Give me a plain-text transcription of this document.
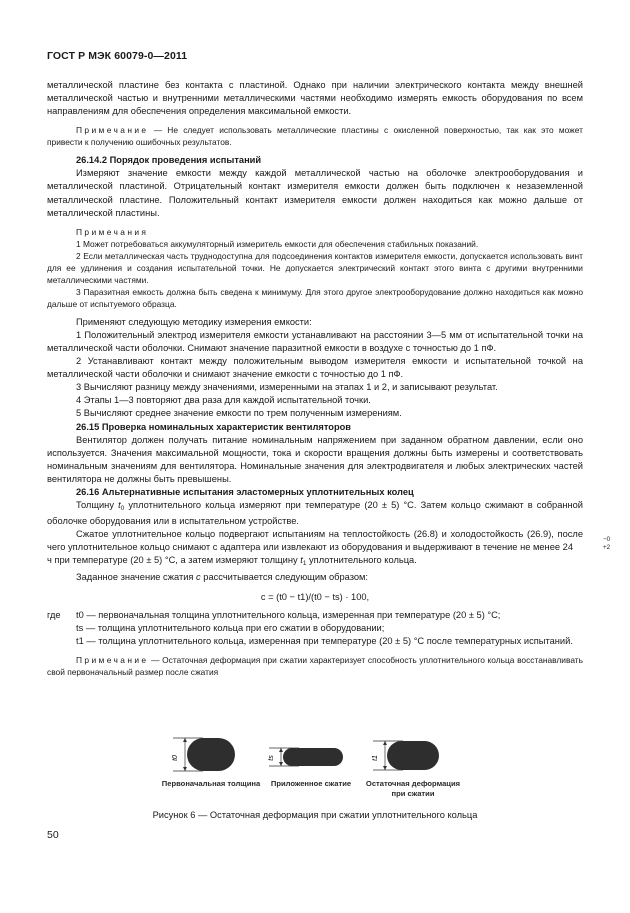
ГОСТ Р МЭК 60079-0—2011

металлической пластине без контакта с пластиной. Однако при наличии электрического контакта между внешней металлической частью и внутренними металлическими частями необходимо измерять емкость оборудования по всем направлениям для обеспечения определения максимальной емкости.

Примечание — Не следует использовать металлические пластины с окисленной поверхностью, так как это может привести к получению ошибочных результатов.

26.14.2 Порядок проведения испытаний

Измеряют значение емкости между каждой металлической частью на оболочке электрооборудования и металлической пластиной. Отрицательный контакт измерителя емкости должен быть подключен к незаземленной металлической пластине. Положительный контакт измерителя емкости должен находиться как можно дальше от металлической пластины.

Примечания

1 Может потребоваться аккумуляторный измеритель емкости для обеспечения стабильных показаний.

2 Если металлическая часть труднодоступна для подсоединения контактов измерителя емкости, допускается использовать винт для ее удлинения и создания испытательной точки. Не допускается электрический контакт этого винта с другими внутренними металлическими частями.

3 Паразитная емкость должна быть сведена к минимуму. Для этого другое электрооборудование должно находиться как можно дальше от испытуемого образца.

Применяют следующую методику измерения емкости:

1 Положительный электрод измерителя емкости устанавливают на расстоянии 3—5 мм от испытательной точки на металлической части оболочки. Снимают значение паразитной емкости в воздухе с точностью до 1 пФ.

2 Устанавливают контакт между положительным выводом измерителя емкости и испытательной точкой на металлической части оболочки и снимают значение емкости с точностью до 1 пФ.

3 Вычисляют разницу между значениями, измеренными на этапах 1 и 2, и записывают результат.

4 Этапы 1—3 повторяют два раза для каждой испытательной точки.

5 Вычисляют среднее значение емкости по трем полученным измерениям.

26.15 Проверка номинальных характеристик вентиляторов

Вентилятор должен получать питание номинальным напряжением при заданном обратном давлении, если оно используется. Значения максимальной мощности, тока и скорости вращения должны быть измерены и соответствовать номинальным значениям для вентилятора. Номинальные значения для электродвигателя и любых электрических частей вентилятора не должны быть превышены.

26.16 Альтернативные испытания эластомерных уплотнительных колец

Толщину $t_0$ уплотнительного кольца измеряют при температуре (20 ± 5) °С. Затем кольцо сжимают в собранной оболочке оборудования или в испытательном устройстве.

Сжатое уплотнительное кольцо подвергают испытаниям на теплостойкость (26.8) и холодостойкость (26.9), после чего уплотнительное кольцо снимают с адаптера или извлекают из оборудования и выдерживают в течение не менее 24
−0
+2
ч при температуре (20 ± 5) °С, а затем измеряют толщину $t_1$ уплотнительного кольца.

Заданное значение сжатия c рассчитывается следующим образом:

c = (t0 − t1)/(t0 − ts) · 100,

где	t0 — первоначальная толщина уплотнительного кольца, измеренная при температуре (20 ± 5) °С;

ts — толщина уплотнительного кольца при его сжатии в оборудовании;

t1 — толщина уплотнительного кольца, измеренная при температуре (20 ± 5) °С после температурных испытаний.

Примечание — Остаточная деформация при сжатии характеризует способность уплотнительного кольца восстанавливать свой первоначальный размер после сжатия

t0	ts	t1
Первоначальная толщина	Приложенное сжатие	Остаточная деформация при сжатии
Рисунок 6 — Остаточная деформация при сжатии уплотнительного кольца
50
